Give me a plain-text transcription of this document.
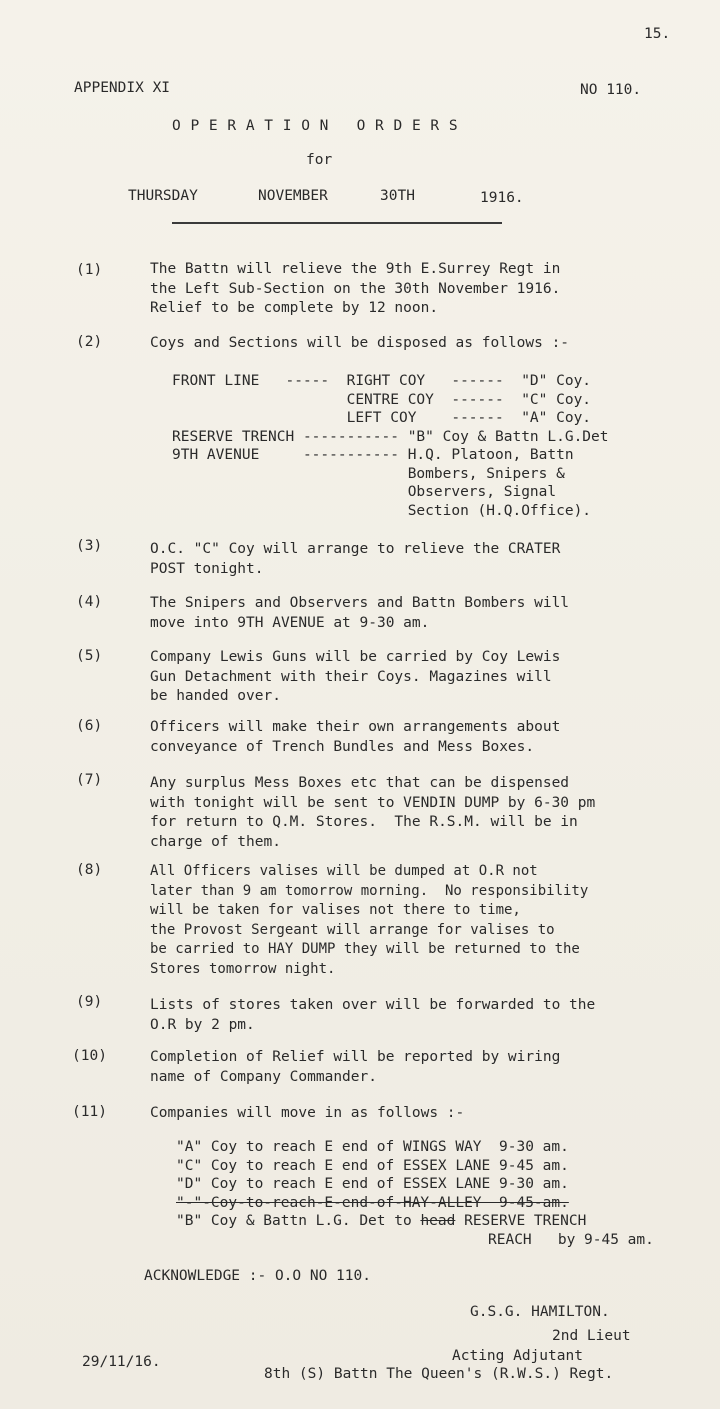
15.
APPENDIX XI	NO 110.
O P E R A T I O N   O R D E R S
for
THURSDAY	NOVEMBER	30TH	1916.
(1)	The Battn will relieve the 9th E.Surrey Regt in

the Left Sub-Section on the 30th November 1916.

Relief to be complete by 12 noon.

(2)	Coys and Sections will be disposed as follows :-

FRONT LINE   -----  RIGHT COY   ------  "D" Coy.

CENTRE COY  ------  "C" Coy.

LEFT COY    ------  "A" Coy.

RESERVE TRENCH ----------- "B" Coy & Battn L.G.Det

9TH AVENUE     ----------- H.Q. Platoon, Battn

Bombers, Snipers &

Observers, Signal

Section (H.Q.Office).

(3)	O.C. "C" Coy will arrange to relieve the CRATER

POST tonight.

(4)	The Snipers and Observers and Battn Bombers will

move into 9TH AVENUE at 9-30 am.

(5)	Company Lewis Guns will be carried by Coy Lewis

Gun Detachment with their Coys. Magazines will

be handed over.

(6)	Officers will make their own arrangements about

conveyance of Trench Bundles and Mess Boxes.

(7)	Any surplus Mess Boxes etc that can be dispensed

with tonight will be sent to VENDIN DUMP by 6-30 pm

for return to Q.M. Stores.  The R.S.M. will be in

charge of them.

(8)	All Officers valises will be dumped at O.R not

later than 9 am tomorrow morning.  No responsibility

will be taken for valises not there to time,

the Provost Sergeant will arrange for valises to

be carried to HAY DUMP they will be returned to the

Stores tomorrow night.

(9)	Lists of stores taken over will be forwarded to the

O.R by 2 pm.

(10)	Completion of Relief will be reported by wiring

name of Company Commander.

(11)	Companies will move in as follows :-

"A" Coy to reach E end of WINGS WAY  9-30 am.

"C" Coy to reach E end of ESSEX LANE 9-45 am.

"D" Coy to reach E end of ESSEX LANE 9-30 am.

"-"-Coy-to-reach-E-end-of-HAY-ALLEY  9-45-am.

"B" Coy & Battn L.G. Det to head RESERVE TRENCH

REACH   by 9-45 am.

ACKNOWLEDGE :- O.O NO 110.
G.S.G. HAMILTON.
2nd Lieut
Acting Adjutant
8th (S) Battn The Queen's (R.W.S.) Regt.
29/11/16.
